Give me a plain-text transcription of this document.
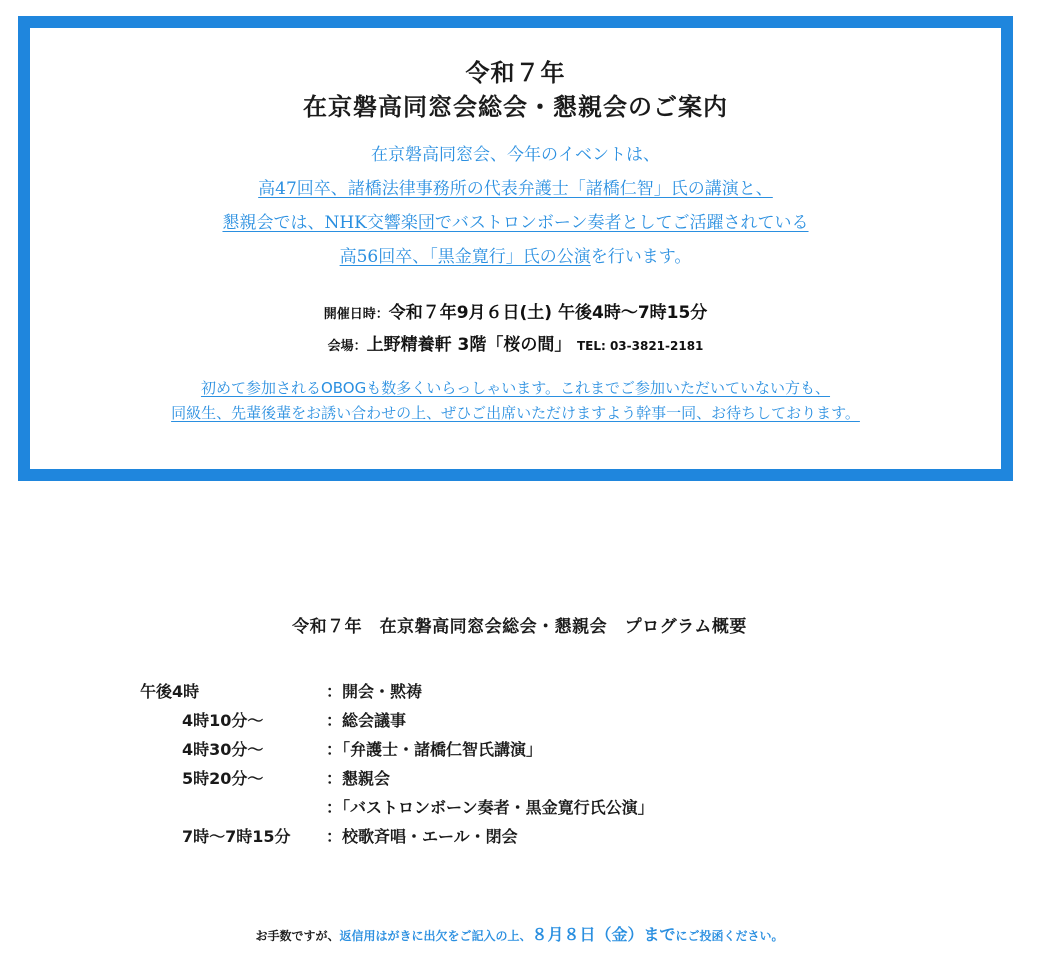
令和７年
在京磐高同窓会総会・懇親会のご案内
在京磐高同窓会、今年のイベントは、
高47回卒、諸橋法律事務所の代表弁護士「諸橋仁智」氏の講演と、
懇親会では、NHK交響楽団でバストロンボーン奏者としてご活躍されている
高56回卒、「黒金寛行」氏の公演を行います。
開催日時：令和７年9月６日(土) 午後4時～7時15分
会場：上野精養軒 3階「桜の間」 TEL: 03-3821-2181
初めて参加されるOBOGも数多くいらっしゃいます。これまでご参加いただいていない方も、
同級生、先輩後輩をお誘い合わせの上、ぜひご出席いただけますよう幹事一同、お待ちしております。
令和７年　在京磐高同窓会総会・懇親会　プログラム概要
午後4時	：開会・黙祷
4時10分～	：総会議事
4時30分～	：「弁護士・諸橋仁智氏講演」
5時20分～	：懇親会
	：「バストロンボーン奏者・黒金寛行氏公演」
7時～7時15分	：校歌斉唱・エール・閉会
お手数ですが、返信用はがきに出欠をご記入の上、８月８日（金）までにご投函ください。
